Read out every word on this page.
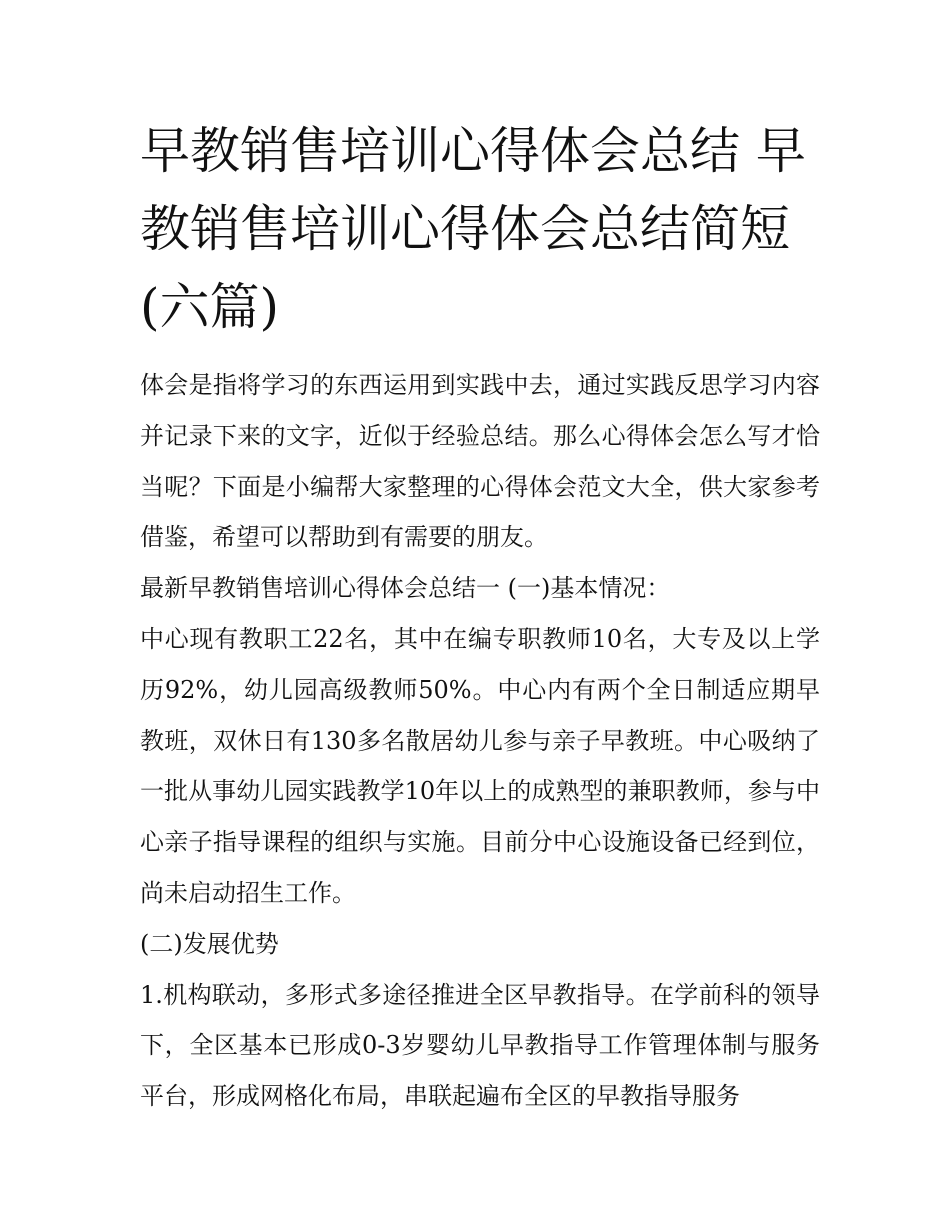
早教销售培训心得体会总结 早教销售培训心得体会总结简短(六篇)

体会是指将学习的东西运用到实践中去，通过实践反思学习内容并记录下来的文字，近似于经验总结。那么心得体会怎么写才恰当呢？下面是小编帮大家整理的心得体会范文大全，供大家参考借鉴，希望可以帮助到有需要的朋友。

最新早教销售培训心得体会总结一 (一)基本情况：

中心现有教职工22名，其中在编专职教师10名，大专及以上学历92%，幼儿园高级教师50%。中心内有两个全日制适应期早教班，双休日有130多名散居幼儿参与亲子早教班。中心吸纳了一批从事幼儿园实践教学10年以上的成熟型的兼职教师，参与中心亲子指导课程的组织与实施。目前分中心设施设备已经到位，尚未启动招生工作。

(二)发展优势

1.机构联动，多形式多途径推进全区早教指导。在学前科的领导下，全区基本已形成0-3岁婴幼儿早教指导工作管理体制与服务平台，形成网格化布局，串联起遍布全区的早教指导服务
